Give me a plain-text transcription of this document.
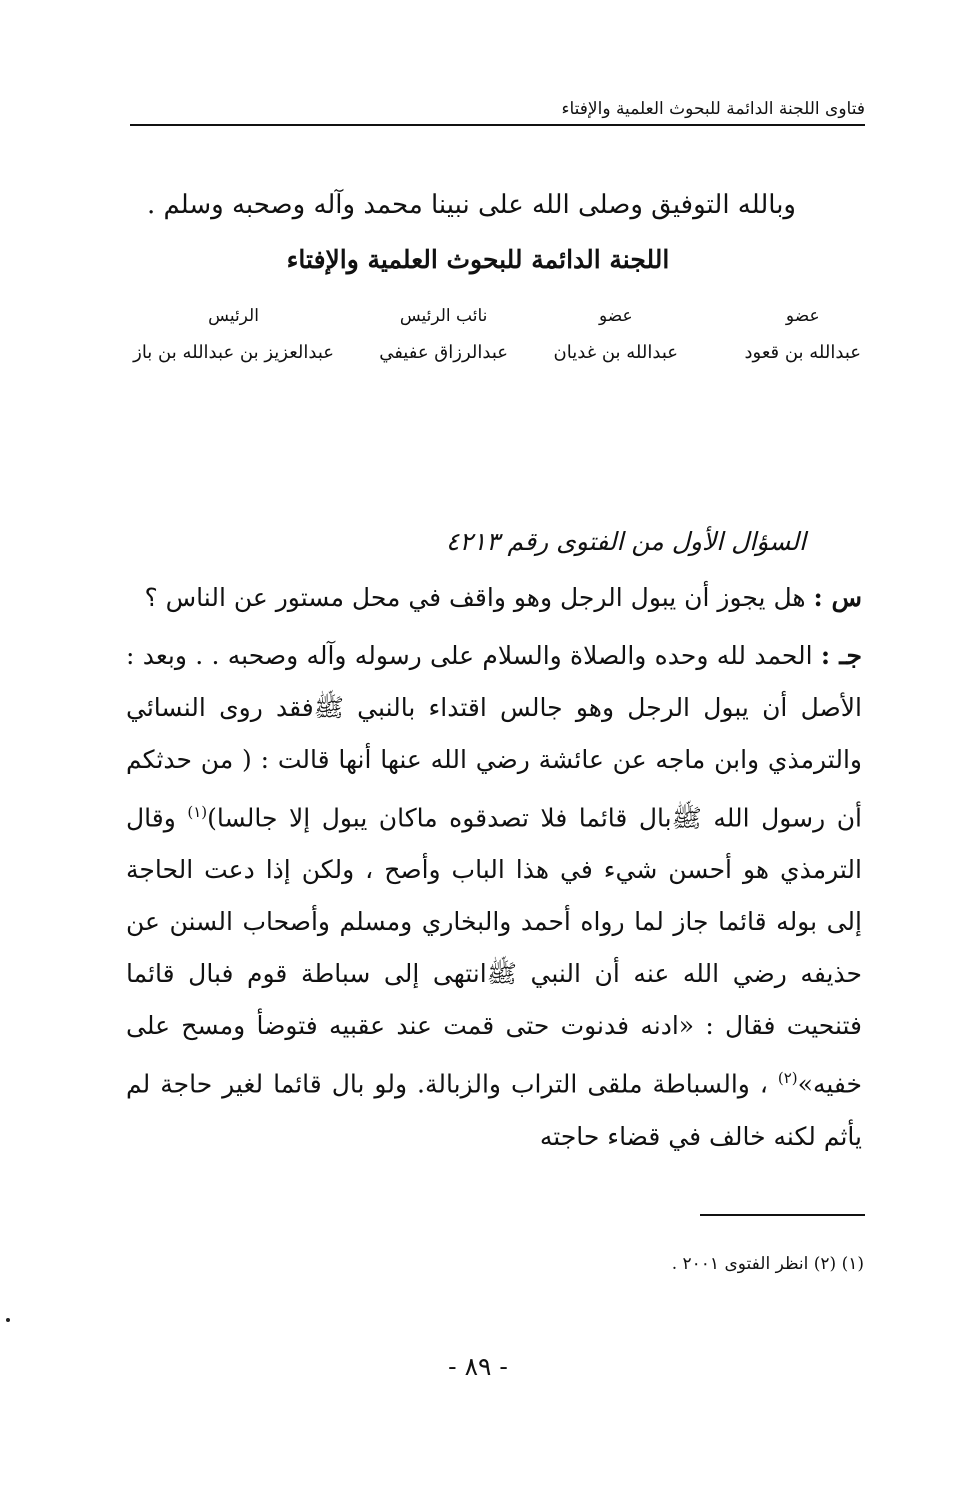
فتاوى اللجنة الدائمة للبحوث العلمية والإفتاء
وبالله التوفيق وصلى الله على نبينا محمد وآله وصحبه وسلم .
اللجنة الدائمة للبحوث العلمية والإفتاء
عضو
عبدالله بن قعود
عضو
عبدالله بن غديان
نائب الرئيس
عبدالرزاق عفيفي
الرئيس
عبدالعزيز بن عبدالله بن باز
السؤال الأول من الفتوى رقم ٤٢١٣

س : هل يجوز أن يبول الرجل وهو واقف في محل مستور عن الناس ؟

جـ : الحمد لله وحده والصلاة والسلام على رسوله وآله وصحبه . . وبعد : الأصل أن يبول الرجل وهو جالس اقتداء بالنبي ﷺفقد روى النسائي والترمذي وابن ماجه عن عائشة رضي الله عنها أنها قالت : ( من حدثكم أن رسول الله ﷺبال قائما فلا تصدقوه ماكان يبول إلا جالسا)$^{(١)}$ وقال الترمذي هو أحسن شيء في هذا الباب وأصح ، ولكن إذا دعت الحاجة إلى بوله قائما جاز لما رواه أحمد والبخاري ومسلم وأصحاب السنن عن حذيفه رضي الله عنه أن النبي ﷺانتهى إلى سباطة قوم فبال قائما فتنحيت فقال : «ادنه فدنوت حتى قمت عند عقبيه فتوضأ ومسح على خفيه»$^{(٢)}$ ، والسباطة ملقى التراب والزبالة. ولو بال قائما لغير حاجة لم يأثم لكنه خالف في قضاء حاجته

(١) (٢) انظر الفتوى ٢٠٠١ .
- ٨٩ -
